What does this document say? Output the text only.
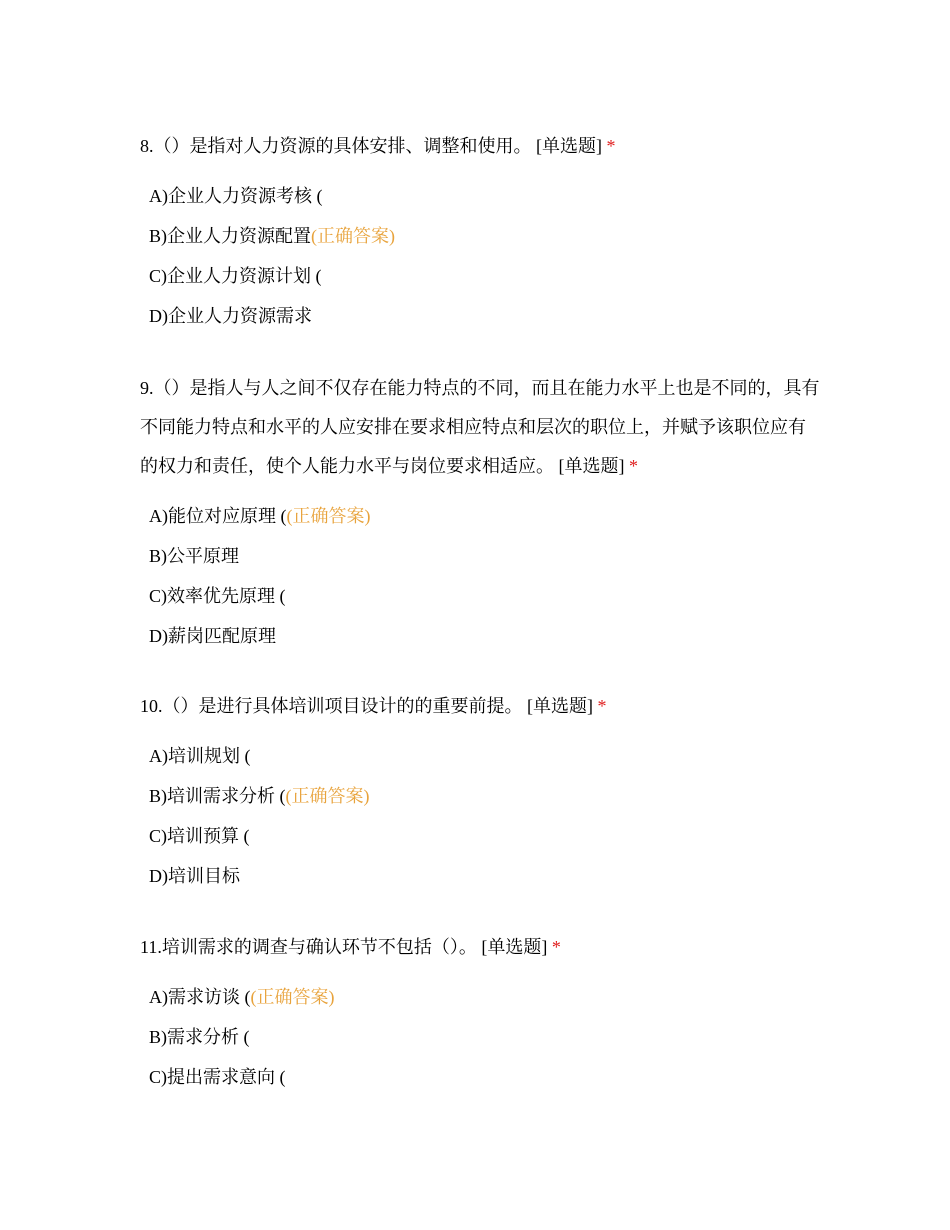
8.（）是指对人力资源的具体安排、调整和使用。 [单选题] *

A)企业人力资源考核 (
B)企业人力资源配置(正确答案)
C)企业人力资源计划 (
D)企业人力资源需求

9.（）是指人与人之间不仅存在能力特点的不同，而且在能力水平上也是不同的，具有不同能力特点和水平的人应安排在要求相应特点和层次的职位上，并赋予该职位应有的权力和责任，使个人能力水平与岗位要求相适应。 [单选题] *

A)能位对应原理 ((正确答案)
B)公平原理
C)效率优先原理 (
D)薪岗匹配原理

10.（）是进行具体培训项目设计的的重要前提。 [单选题] *

A)培训规划 (
B)培训需求分析 ((正确答案)
C)培训预算 (
D)培训目标

11.培训需求的调查与确认环节不包括（）。 [单选题] *

A)需求访谈 ((正确答案)
B)需求分析 (
C)提出需求意向 (
